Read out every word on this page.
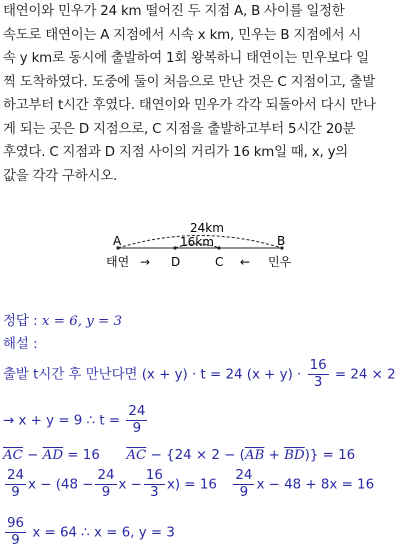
태연이와 민우가 24 km 떨어진 두 지점 A, B 사이를 일정한
속도로 태연이는 A 지점에서 시속 x km, 민우는 B 지점에서 시
속 y km로 동시에 출발하여 1회 왕복하니 태연이는 민우보다 일
찍 도착하였다. 도중에 둘이 처음으로 만난 것은 C 지점이고, 출발
하고부터 t시간 후였다. 태연이와 민우가 각각 되돌아서 다시 만나
게 되는 곳은 D 지점으로, C 지점을 출발하고부터 5시간 20분
후였다. C 지점과 D 지점 사이의 거리가 16 km일 때, x, y의
값을 각각 구하시오.
24km
16km
A	B
태연 → D	C ← 민우
정답 : x = 6, y = 3
해설 :
출발 t시간 후 만난다면 (x + y) · t = 24 $(x + y) \cdot \frac{16}{3} = 24 \times 2$
→ x + y = 9 ∴ $t = \frac{24}{9}$
$\overline{AC} - \overline{AD} = 16$ $\overline{AC} - \{24 \times 2 - (\overline{AB} + \overline{BD})\} = 16$
$\frac{24}{9}$ $x - (48 - \frac{24}{9}$ $x - \frac{16}{3} x) = 16 \frac{24}{9}$ x − 48 + 8x = 16
$\frac{96}{9}$ x = 64 ∴ x = 6, y = 3
